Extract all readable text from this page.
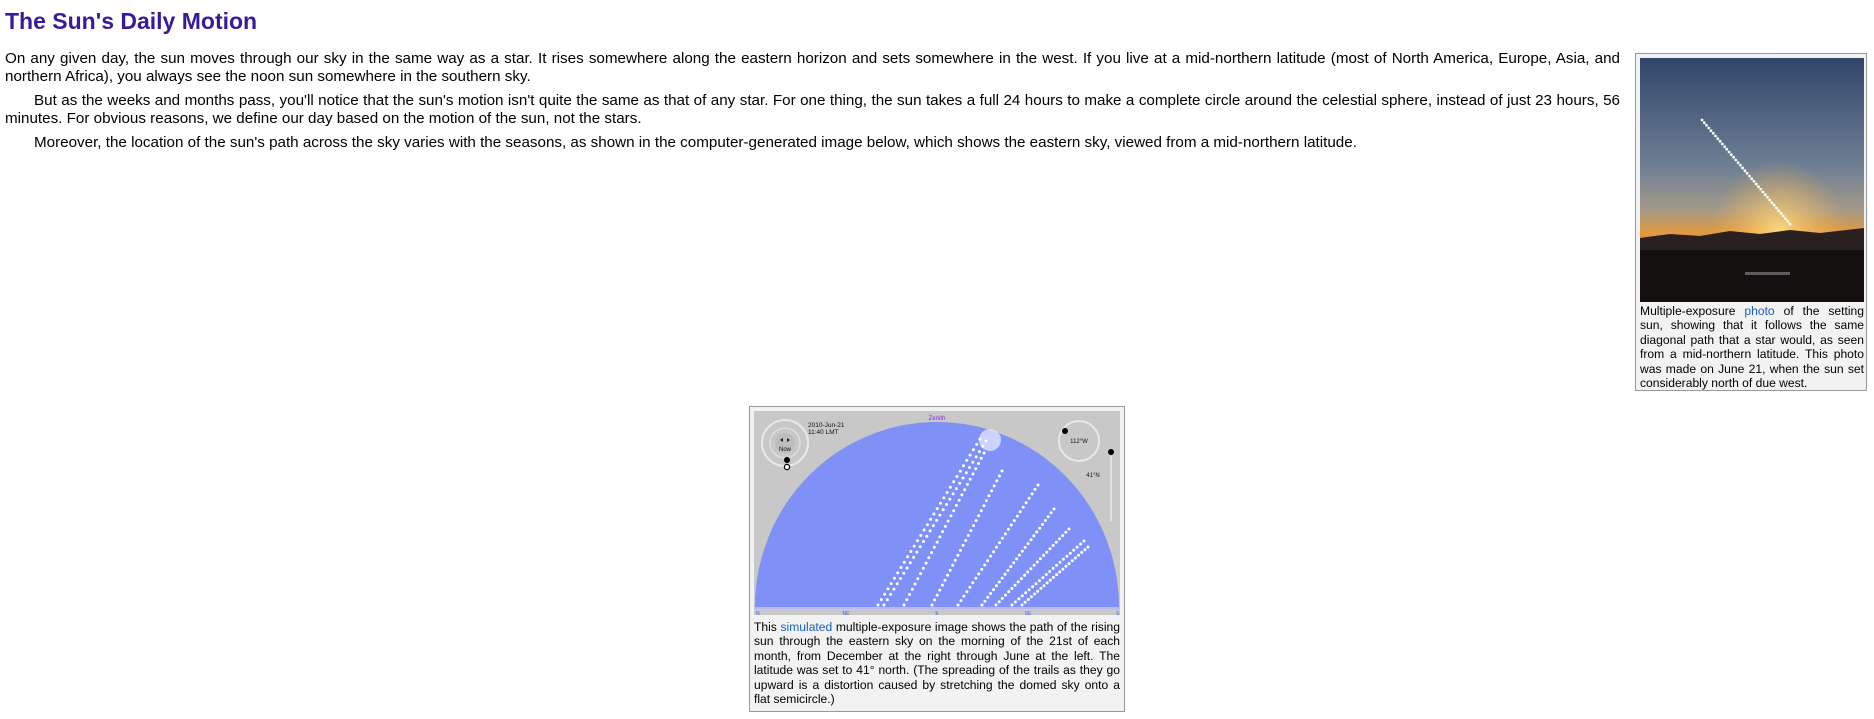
The Sun's Daily Motion

On any given day, the sun moves through our sky in the same way as a star. It rises somewhere along the eastern horizon and sets somewhere in the west. If you live at a mid-northern latitude (most of North America, Europe, Asia, and northern Africa), you always see the noon sun somewhere in the southern sky.

But as the weeks and months pass, you'll notice that the sun's motion isn't quite the same as that of any star. For one thing, the sun takes a full 24 hours to make a complete circle around the celestial sphere, instead of just 23 hours, 56 minutes. For obvious reasons, we define our day based on the motion of the sun, not the stars.

Moreover, the location of the sun's path across the sky varies with the seasons, as shown in the computer-generated image below, which shows the eastern sky, viewed from a mid-northern latitude.

Multiple-exposure photo of the setting sun, showing that it follows the same diagonal path that a star would, as seen from a mid-northern latitude. This photo was made on June 21, when the sun set considerably north of due west.
Zenith
Now
2010-Jun-21
11:40 LMT
112°W
41°N
N	NE	E	SE	S
This simulated multiple-exposure image shows the path of the rising sun through the eastern sky on the morning of the 21st of each month, from December at the right through June at the left. The latitude was set to 41° north. (The spreading of the trails as they go upward is a distortion caused by stretching the domed sky onto a flat semicircle.)
